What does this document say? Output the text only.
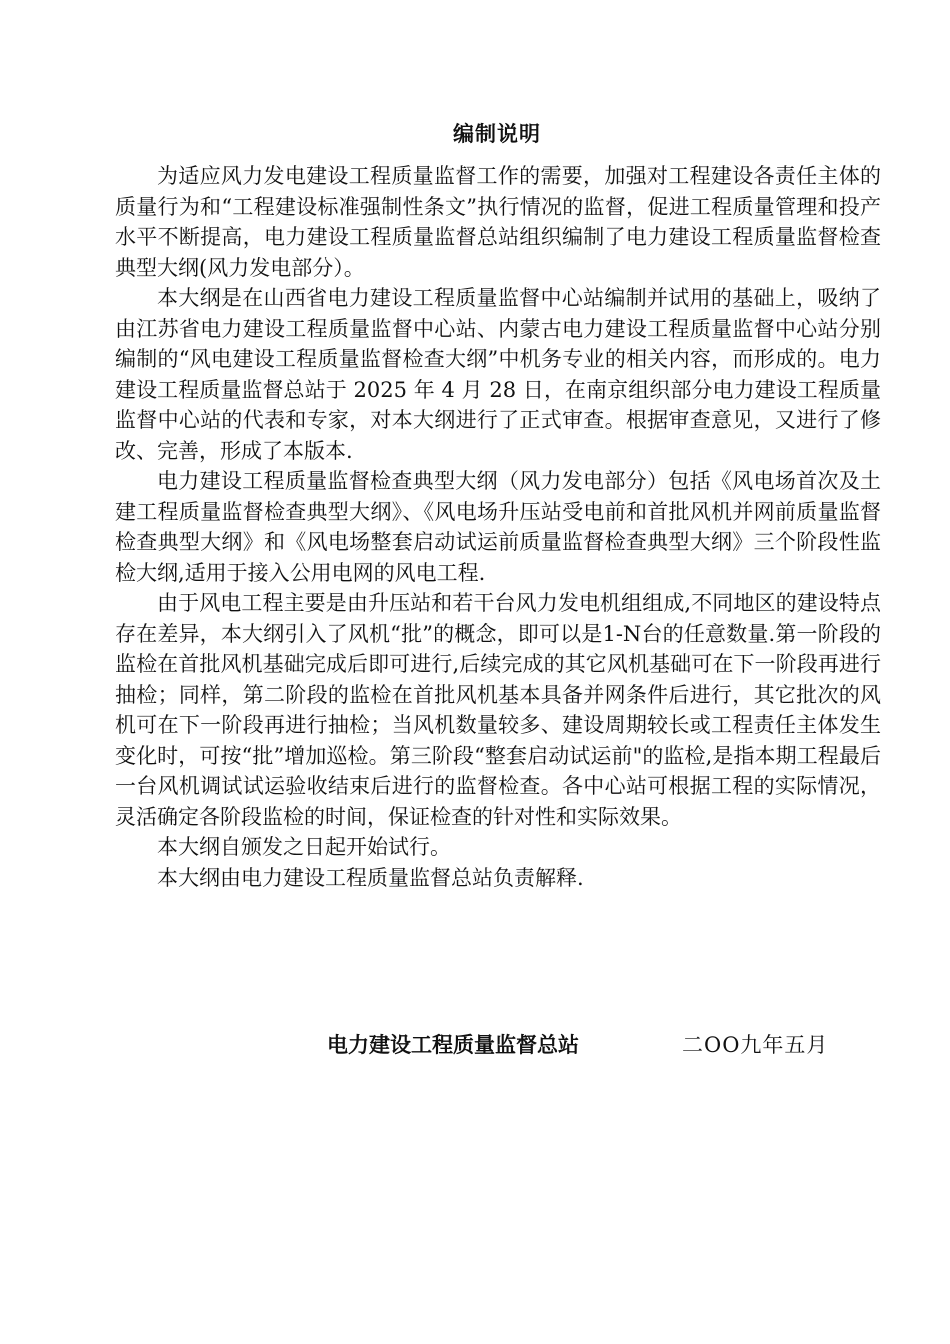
编制说明

为适应风力发电建设工程质量监督工作的需要，加强对工程建设各责任主体的质量行为和“工程建设标准强制性条文”执行情况的监督，促进工程质量管理和投产水平不断提高，电力建设工程质量监督总站组织编制了电力建设工程质量监督检查典型大纲(风力发电部分）。

本大纲是在山西省电力建设工程质量监督中心站编制并试用的基础上，吸纳了由江苏省电力建设工程质量监督中心站、内蒙古电力建设工程质量监督中心站分别编制的“风电建设工程质量监督检查大纲”中机务专业的相关内容，而形成的。电力建设工程质量监督总站于 2025 年 4 月 28 日，在南京组织部分电力建设工程质量监督中心站的代表和专家，对本大纲进行了正式审查。根据审查意见，又进行了修改、完善，形成了本版本.

电力建设工程质量监督检查典型大纲（风力发电部分）包括《风电场首次及土建工程质量监督检查典型大纲》、《风电场升压站受电前和首批风机并网前质量监督检查典型大纲》和《风电场整套启动试运前质量监督检查典型大纲》三个阶段性监检大纲,适用于接入公用电网的风电工程.

由于风电工程主要是由升压站和若干台风力发电机组组成,不同地区的建设特点存在差异，本大纲引入了风机“批”的概念，即可以是1-N台的任意数量.第一阶段的监检在首批风机基础完成后即可进行,后续完成的其它风机基础可在下一阶段再进行抽检；同样，第二阶段的监检在首批风机基本具备并网条件后进行，其它批次的风机可在下一阶段再进行抽检；当风机数量较多、建设周期较长或工程责任主体发生变化时，可按“批”增加巡检。第三阶段“整套启动试运前"的监检,是指本期工程最后一台风机调试试运验收结束后进行的监督检查。各中心站可根据工程的实际情况，灵活确定各阶段监检的时间，保证检查的针对性和实际效果。

本大纲自颁发之日起开始试行。

本大纲由电力建设工程质量监督总站负责解释.

电力建设工程质量监督总站	二OO九年五月
